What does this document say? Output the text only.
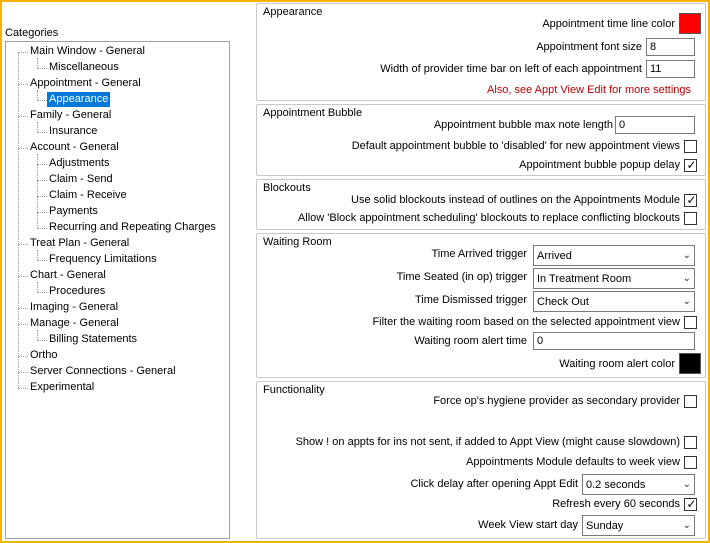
Categories
Main Window - General
Miscellaneous
Appointment - General
Appearance
Family - General
Insurance
Account - General
Adjustments
Claim - Send
Claim - Receive
Payments
Recurring and Repeating Charges
Treat Plan - General
Frequency Limitations
Chart - General
Procedures
Imaging - General
Manage - General
Billing Statements
Ortho
Server Connections - General
Experimental
Appearance
Appointment time line color
Appointment font size 8
Width of provider time bar on left of each appointment 11
Also, see Appt View Edit for more settings
Appointment Bubble
Appointment bubble max note length 0
Default appointment bubble to 'disabled' for new appointment views
Appointment bubble popup delay ✓
Blockouts
Use solid blockouts instead of outlines on the Appointments Module ✓
Allow 'Block appointment scheduling' blockouts to replace conflicting blockouts
Waiting Room
Time Arrived trigger Arrived	⌄
Time Seated (in op) trigger In Treatment Room	⌄
Time Dismissed trigger Check Out	⌄
Filter the waiting room based on the selected appointment view
Waiting room alert time 0
Waiting room alert color
Functionality
Force op's hygiene provider as secondary provider
Show ! on appts for ins not sent, if added to Appt View (might cause slowdown)
Appointments Module defaults to week view
Click delay after opening Appt Edit 0.2 seconds	⌄
Refresh every 60 seconds ✓
Week View start day Sunday	⌄
